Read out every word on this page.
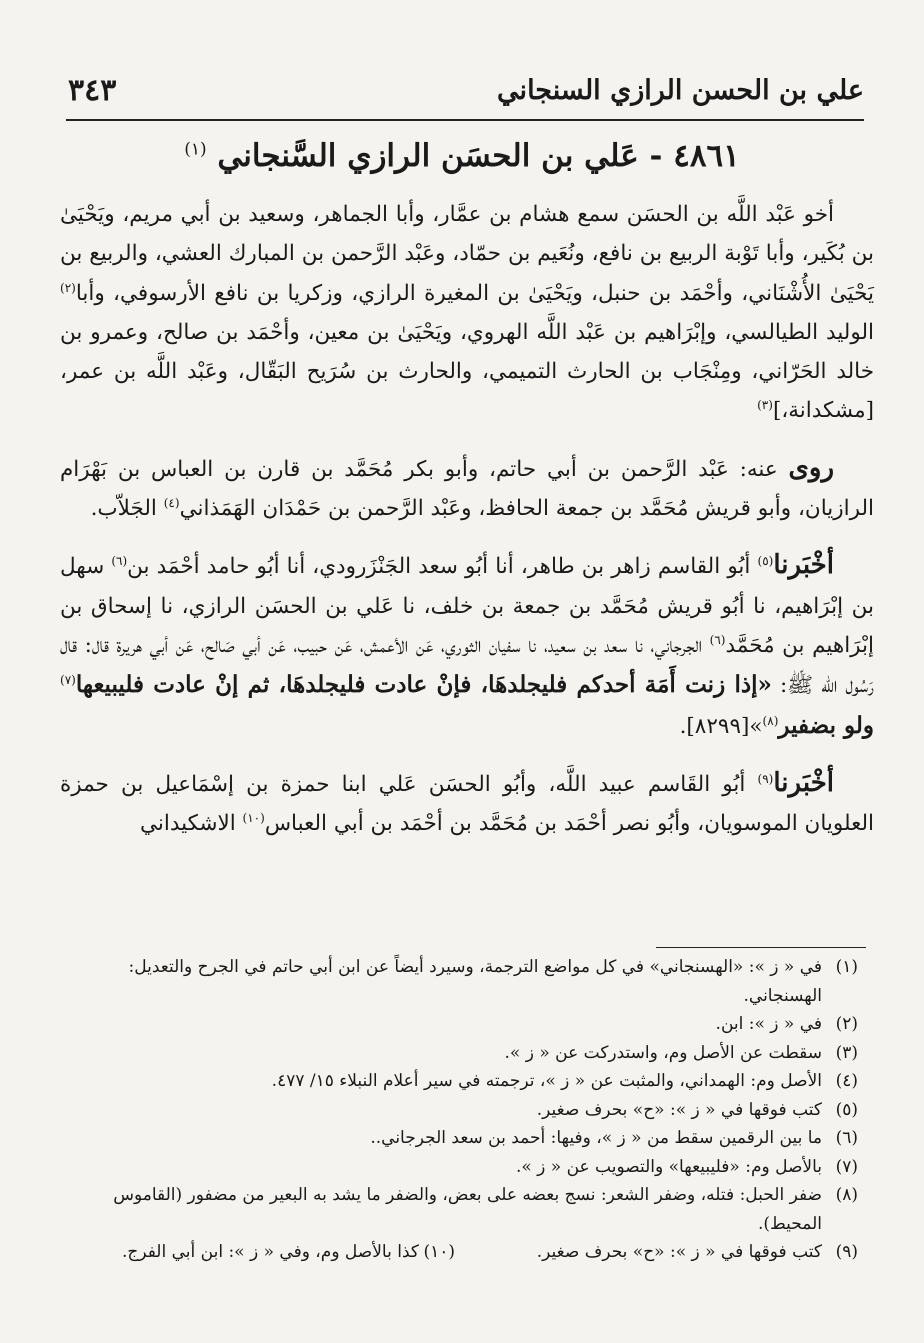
علي بن الحسن الرازي السنجاني
٣٤٣
٤٨٦١ - عَلي بن الحسَن الرازي السَّنجاني $^{(١)}$

أخو عَبْد اللَّه بن الحسَن سمع هشام بن عمَّار، وأبا الجماهر، وسعيد بن أبي مريم، ويَحْيَىٰ بن بُكَير، وأبا تَوْبة الربيع بن نافع، ونُعَيم بن حمّاد، وعَبْد الرَّحمن بن المبارك العشي، والربيع بن يَحْيَىٰ الأُشْنَاني، وأحْمَد بن حنبل، ويَحْيَىٰ بن المغيرة الرازي، وزكريا بن نافع الأرسوفي، وأبا$^{(٢)}$ الوليد الطيالسي، وإبْرَاهيم بن عَبْد اللَّه الهروي، ويَحْيَىٰ بن معين، وأحْمَد بن صالح، وعمرو بن خالد الحَرّاني، ومِنْجَاب بن الحارث التميمي، والحارث بن سُرَيح البَقّال، وعَبْد اللَّه بن عمر، [مشكدانة،]$^{(٣)}$

روى عنه: عَبْد الرَّحمن بن أبي حاتم، وأبو بكر مُحَمَّد بن قارن بن العباس بن بَهْرَام الرازيان، وأبو قريش مُحَمَّد بن جمعة الحافظ، وعَبْد الرَّحمن بن حَمْدَان الهَمَذاني$^{(٤)}$ الجَلاّب.

أخْبَرنا$^{(٥)}$ أبُو القاسم زاهر بن طاهر، أنا أبُو سعد الجَنْزَرودي، أنا أبُو حامد أحْمَد بن$^{(٦)}$ سهل بن إبْرَاهيم، نا أبُو قريش مُحَمَّد بن جمعة بن خلف، نا عَلي بن الحسَن الرازي، نا إسحاق بن إبْرَاهيم بن مُحَمَّد$^{(٦)}$ الجرجاني، نا سعد بن سعيد، نا سفيان الثوري، عَن الأعمش، عَن حبيب، عَن أبي صَالح، عَن أبي هريرة قال: قال رَسُول الله ﷺ: «إذا زنت أَمَة أحدكم فليجلدهَا، فإنْ عادت فليجلدهَا، ثم إنْ عادت فليبيعها$^{(٧)}$ ولو بضفير$^{(٨)}$»[٨٢٩٩].

أخْبَرنا$^{(٩)}$ أبُو القَاسم عبيد اللَّه، وأبُو الحسَن عَلي ابنا حمزة بن إسْمَاعيل بن حمزة العلويان الموسويان، وأبُو نصر أحْمَد بن مُحَمَّد بن أحْمَد بن أبي العباس$^{(١٠)}$ الاشكيداني

(١)
في « ز »: «الهسنجاني» في كل مواضع الترجمة، وسيرد أيضاً عن ابن أبي حاتم في الجرح والتعديل: الهسنجاني.
(٢)
في « ز »: ابن.
(٣)
سقطت عن الأصل وم، واستدركت عن « ز ».
(٤)
الأصل وم: الهمداني، والمثبت عن « ز »، ترجمته في سير أعلام النبلاء ١٥/ ٤٧٧.
(٥)
كتب فوقها في « ز »: «ح» بحرف صغير.
(٦)
ما بين الرقمين سقط من « ز »، وفيها: أحمد بن سعد الجرجاني..
(٧)
بالأصل وم: «فليبيعها» والتصويب عن « ز ».
(٨)
ضفر الحبل: فتله، وضفر الشعر: نسج بعضه على بعض، والضفر ما يشد به البعير من مضفور (القاموس المحيط).
(٩)
كتب فوقها في « ز »: «ح» بحرف صغير.
(١٠)
كذا بالأصل وم، وفي « ز »: ابن أبي الفرج.
